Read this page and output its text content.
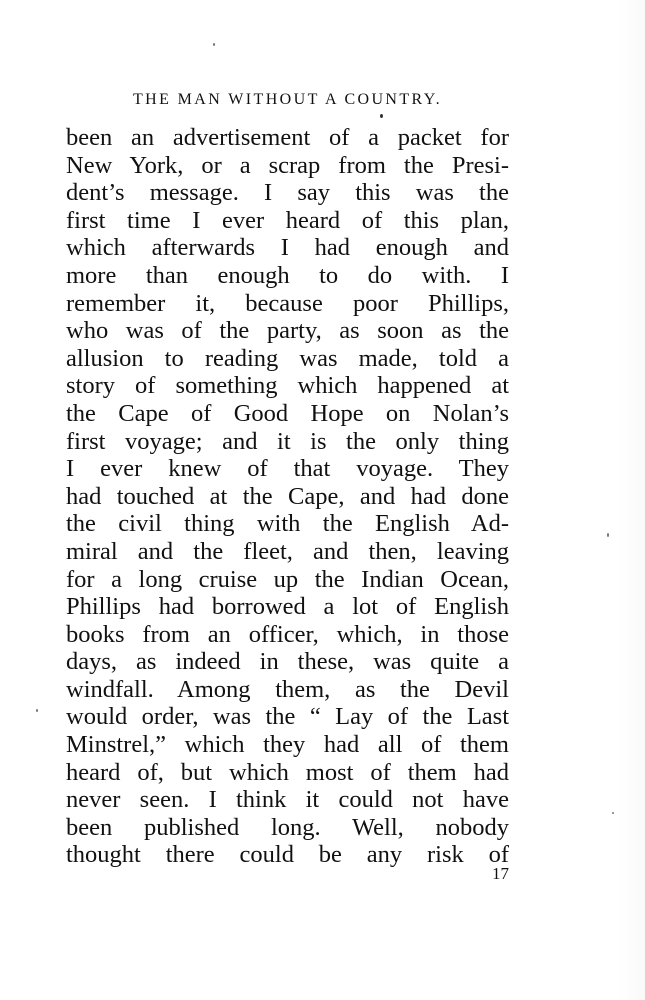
THE MAN WITHOUT A COUNTRY.
been an advertisement of a packet for
New York, or a scrap from the Presi-
dent’s message. I say this was the
first time I ever heard of this plan,
which afterwards I had enough and
more than enough to do with. I
remember it, because poor Phillips,
who was of the party, as soon as the
allusion to reading was made, told a
story of something which happened at
the Cape of Good Hope on Nolan’s
first voyage; and it is the only thing
I ever knew of that voyage. They
had touched at the Cape, and had done
the civil thing with the English Ad-
miral and the fleet, and then, leaving
for a long cruise up the Indian Ocean,
Phillips had borrowed a lot of English
books from an officer, which, in those
days, as indeed in these, was quite a
windfall. Among them, as the Devil
would order, was the “ Lay of the Last
Minstrel,” which they had all of them
heard of, but which most of them had
never seen. I think it could not have
been published long. Well, nobody
thought there could be any risk of
17
